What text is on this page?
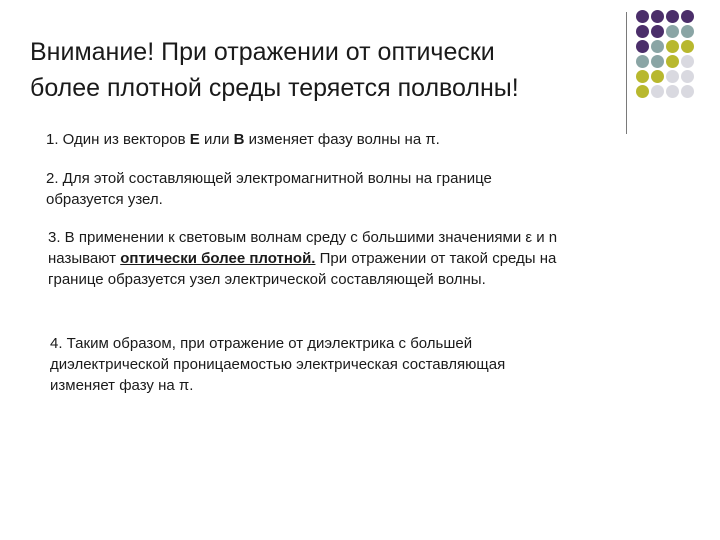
Внимание! При отражении от оптически
более плотной среды теряется полволны!
1. Один из векторов Е или В изменяет фазу волны на π.
2. Для этой составляющей электромагнитной волны на границе
образуется узел.
3. В применении к световым волнам среду с большими значениями ε и n
называют оптически более плотной. При отражении от такой среды на
границе образуется узел электрической составляющей волны.
4. Таким образом, при отражение от диэлектрика с большей
диэлектрической проницаемостью электрическая составляющая
изменяет фазу на π.
